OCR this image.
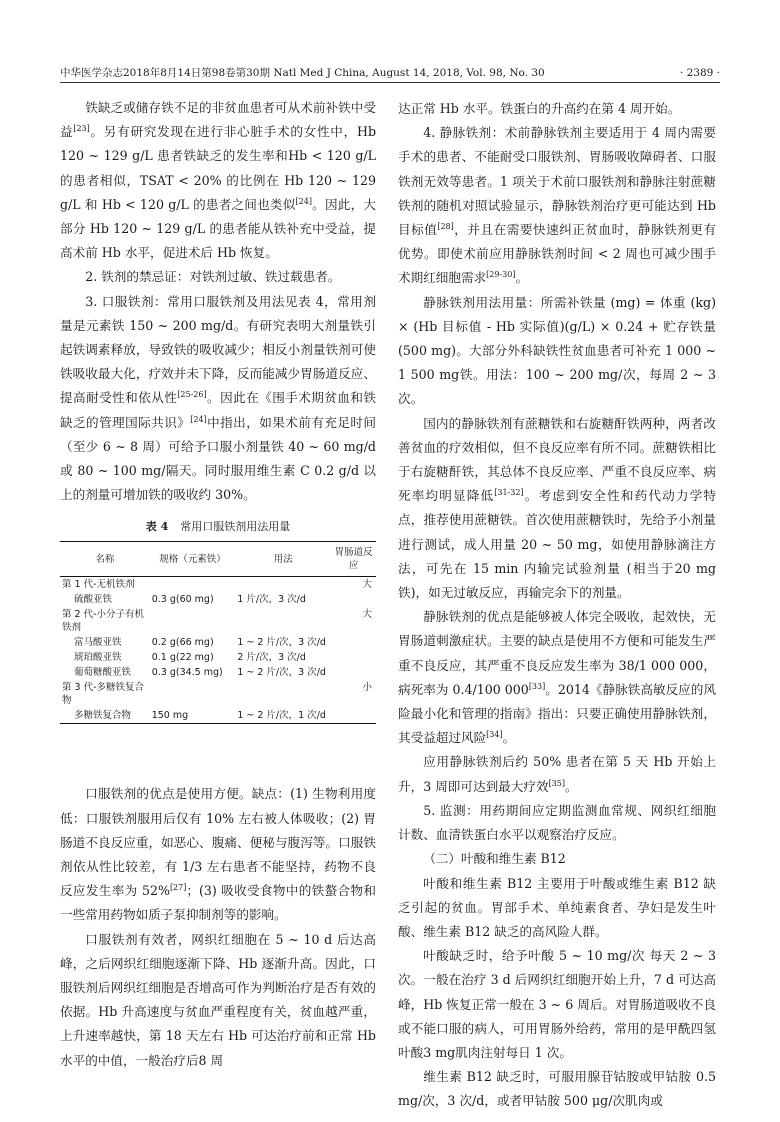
中华医学杂志2018年8月14日第98卷第30期 Natl Med J China, August 14, 2018, Vol. 98, No. 30	· 2389 ·

铁缺乏或储存铁不足的非贫血患者可从术前补铁中受益[23]。另有研究发现在进行非心脏手术的女性中，Hb 120 ~ 129 g/L 患者铁缺乏的发生率和Hb < 120 g/L 的患者相似，TSAT < 20% 的比例在 Hb 120 ~ 129 g/L 和 Hb < 120 g/L 的患者之间也类似[24]。因此，大部分 Hb 120 ~ 129 g/L 的患者能从铁补充中受益，提高术前 Hb 水平，促进术后 Hb 恢复。

2. 铁剂的禁忌证：对铁剂过敏、铁过载患者。

3. 口服铁剂：常用口服铁剂及用法见表 4，常用剂量是元素铁 150 ~ 200 mg/d。有研究表明大剂量铁引起铁调素释放，导致铁的吸收减少；相反小剂量铁剂可使铁吸收最大化，疗效并未下降，反而能减少胃肠道反应、提高耐受性和依从性[25-26]。因此在《围手术期贫血和铁缺乏的管理国际共识》[24]中指出，如果术前有充足时间（至少 6 ~ 8 周）可给予口服小剂量铁 40 ~ 60 mg/d 或 80 ~ 100 mg/隔天。同时服用维生素 C 0.2 g/d 以上的剂量可增加铁的吸收约 30%。

表 4 常用口服铁剂用法用量
名称	规格（元素铁）	用法	胃肠道反应
第 1 代-无机铁剂			大
硫酸亚铁	0.3 g(60 mg)	1 片/次，3 次/d	
第 2 代-小分子有机铁剂			大
富马酸亚铁	0.2 g(66 mg)	1 ~ 2 片/次，3 次/d	
琥珀酸亚铁	0.1 g(22 mg)	2 片/次，3 次/d	
葡萄糖酸亚铁	0.3 g(34.5 mg)	1 ~ 2 片/次，3 次/d	
第 3 代-多糖铁复合物			小
多糖铁复合物	150 mg	1 ~ 2 片/次，1 次/d	

口服铁剂的优点是使用方便。缺点：(1) 生物利用度低：口服铁剂服用后仅有 10% 左右被人体吸收；(2) 胃肠道不良反应重，如恶心、腹痛、便秘与腹泻等。口服铁剂依从性比较差，有 1/3 左右患者不能坚持，药物不良反应发生率为 52%[27]；(3) 吸收受食物中的铁螯合物和一些常用药物如质子泵抑制剂等的影响。

口服铁剂有效者，网织红细胞在 5 ~ 10 d 后达高峰，之后网织红细胞逐渐下降、Hb 逐渐升高。因此，口服铁剂后网织红细胞是否增高可作为判断治疗是否有效的依据。Hb 升高速度与贫血严重程度有关，贫血越严重，上升速率越快，第 18 天左右 Hb 可达治疗前和正常 Hb 水平的中值，一般治疗后8 周

达正常 Hb 水平。铁蛋白的升高约在第 4 周开始。

4. 静脉铁剂：术前静脉铁剂主要适用于 4 周内需要手术的患者、不能耐受口服铁剂、胃肠吸收障碍者、口服铁剂无效等患者。1 项关于术前口服铁剂和静脉注射蔗糖铁剂的随机对照试验显示，静脉铁剂治疗更可能达到 Hb 目标值[28]，并且在需要快速纠正贫血时，静脉铁剂更有优势。即使术前应用静脉铁剂时间 < 2 周也可减少围手术期红细胞需求[29-30]。

静脉铁剂用法用量：所需补铁量 (mg) = 体重 (kg) × (Hb 目标值 - Hb 实际值)(g/L) × 0.24 + 贮存铁量 (500 mg)。大部分外科缺铁性贫血患者可补充 1 000 ~ 1 500 mg铁。用法：100 ~ 200 mg/次，每周 2 ~ 3 次。

国内的静脉铁剂有蔗糖铁和右旋糖酐铁两种，两者改善贫血的疗效相似，但不良反应率有所不同。蔗糖铁相比于右旋糖酐铁，其总体不良反应率、严重不良反应率、病死率均明显降低[31-32]。考虑到安全性和药代动力学特点，推荐使用蔗糖铁。首次使用蔗糖铁时，先给予小剂量进行测试，成人用量 20 ~ 50 mg，如使用静脉滴注方法，可先在 15 min 内输完试验剂量 (相当于20 mg铁)，如无过敏反应，再输完余下的剂量。

静脉铁剂的优点是能够被人体完全吸收，起效快，无胃肠道刺激症状。主要的缺点是使用不方便和可能发生严重不良反应，其严重不良反应发生率为 38/1 000 000，病死率为 0.4/100 000[33]。2014《静脉铁高敏反应的风险最小化和管理的指南》指出：只要正确使用静脉铁剂，其受益超过风险[34]。

应用静脉铁剂后约 50% 患者在第 5 天 Hb 开始上升，3 周即可达到最大疗效[35]。

5. 监测：用药期间应定期监测血常规、网织红细胞计数、血清铁蛋白水平以观察治疗反应。

（二）叶酸和维生素 B12

叶酸和维生素 B12 主要用于叶酸或维生素 B12 缺乏引起的贫血。胃部手术、单纯素食者、孕妇是发生叶酸、维生素 B12 缺乏的高风险人群。

叶酸缺乏时，给予叶酸 5 ~ 10 mg/次 每天 2 ~ 3 次。一般在治疗 3 d 后网织红细胞开始上升，7 d 可达高峰，Hb 恢复正常一般在 3 ~ 6 周后。对胃肠道吸收不良或不能口服的病人，可用胃肠外给药，常用的是甲酰四氢叶酸3 mg肌肉注射每日 1 次。

维生素 B12 缺乏时，可服用腺苷钴胺或甲钴胺 0.5 mg/次，3 次/d，或者甲钴胺 500 μg/次肌肉或
